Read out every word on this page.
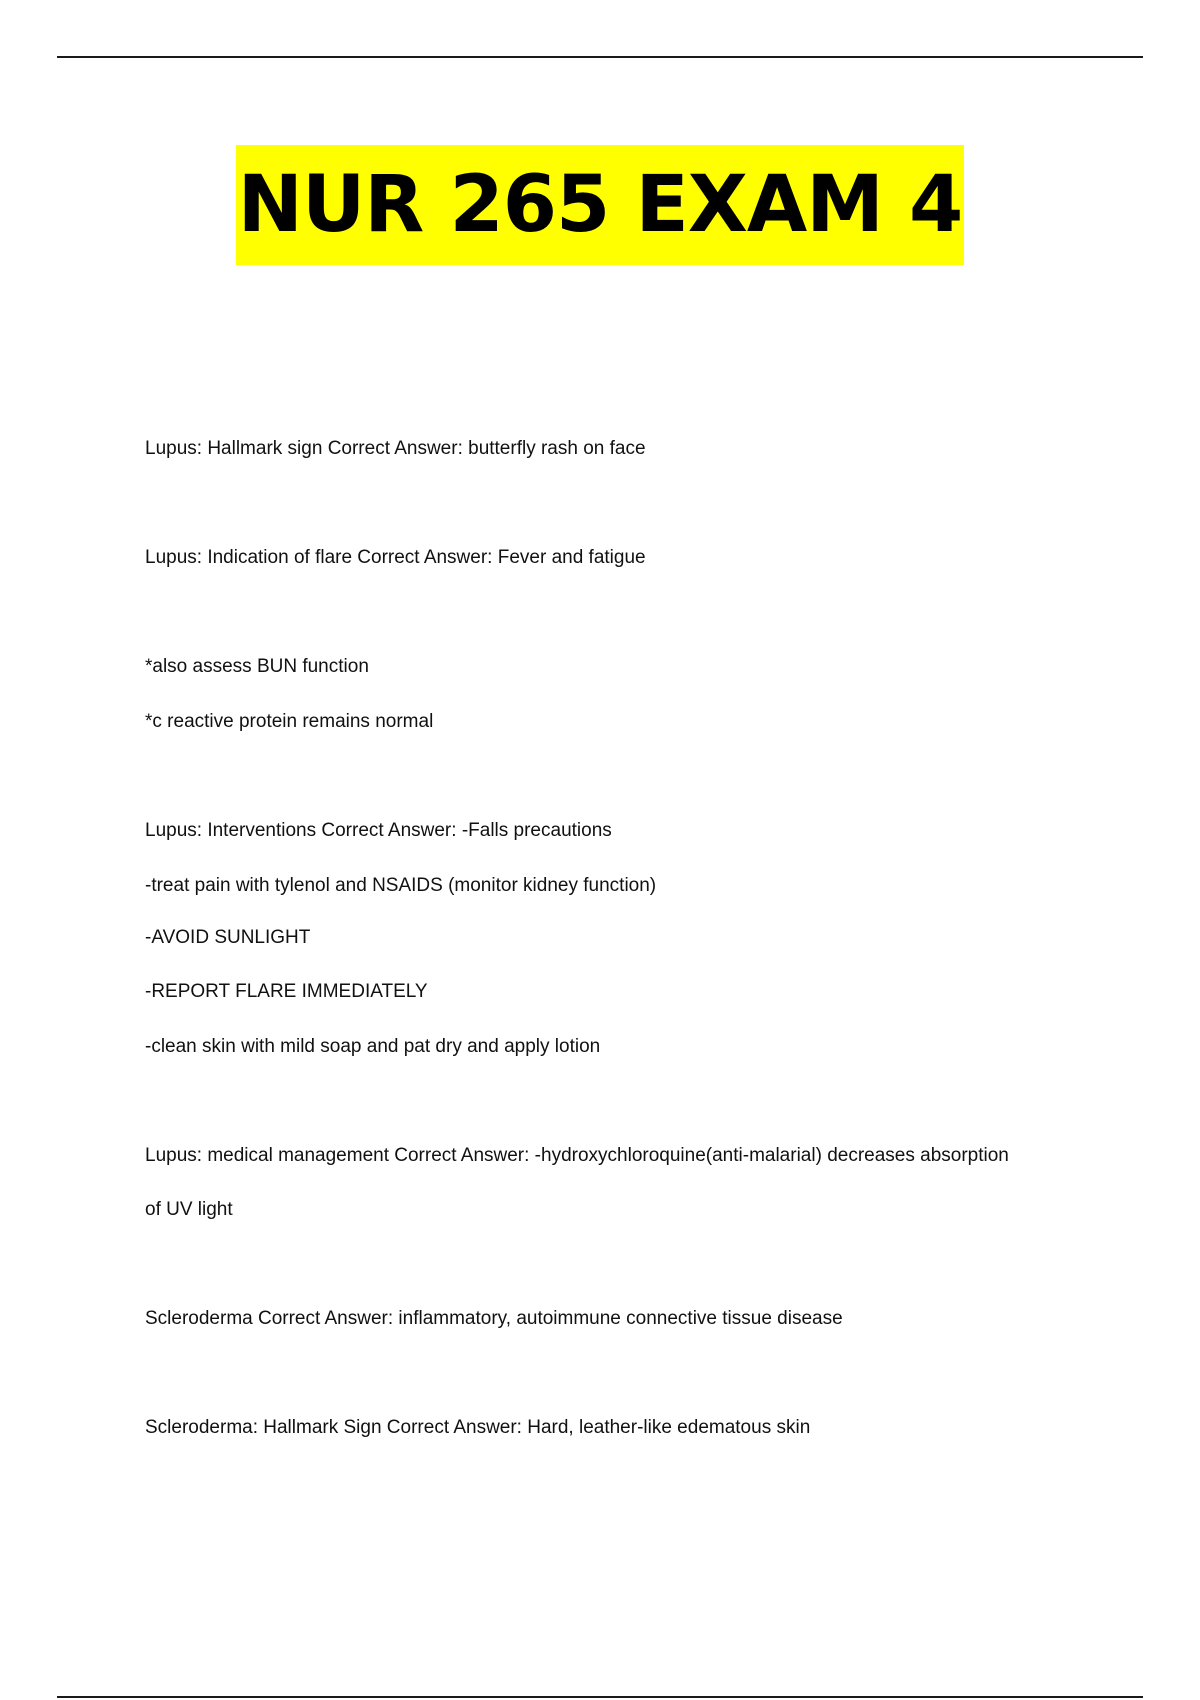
NUR 265 EXAM 4
Lupus: Hallmark sign Correct Answer: butterfly rash on face
Lupus: Indication of flare Correct Answer: Fever and fatigue
*also assess BUN function
*c reactive protein remains normal
Lupus: Interventions Correct Answer: -Falls precautions
-treat pain with tylenol and NSAIDS (monitor kidney function)
-AVOID SUNLIGHT
-REPORT FLARE IMMEDIATELY
-clean skin with mild soap and pat dry and apply lotion
Lupus: medical management Correct Answer: -hydroxychloroquine(anti-malarial) decreases absorption
of UV light
Scleroderma Correct Answer: inflammatory, autoimmune connective tissue disease
Scleroderma: Hallmark Sign Correct Answer: Hard, leather-like edematous skin
